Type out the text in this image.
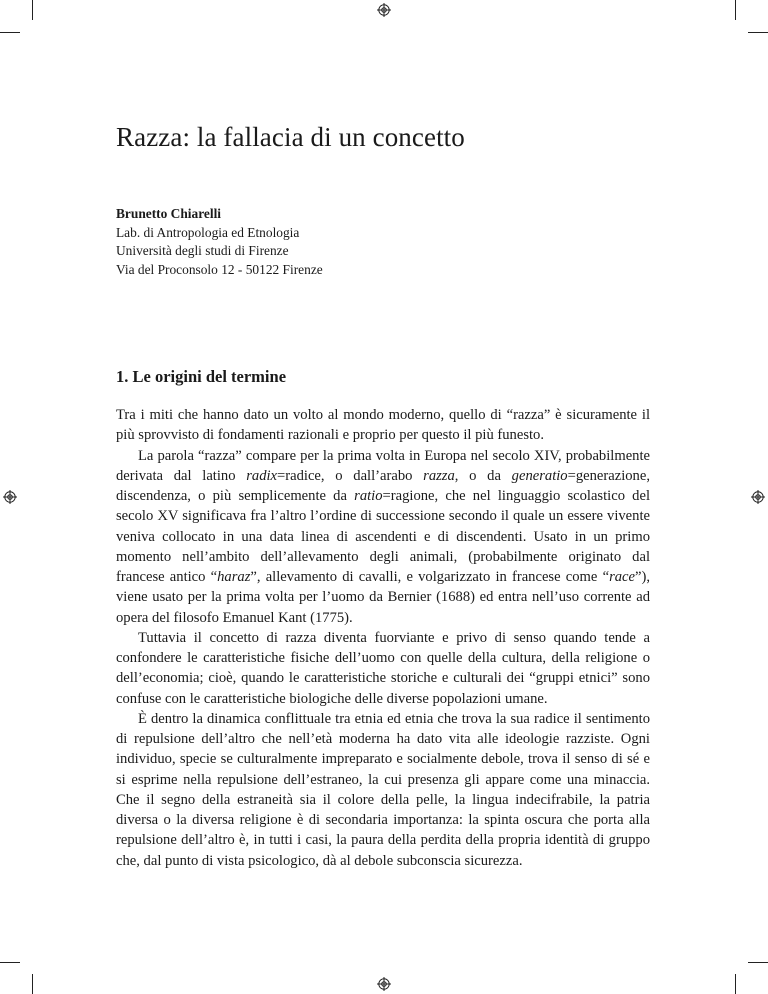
Razza: la fallacia di un concetto
Brunetto Chiarelli
Lab. di Antropologia ed Etnologia
Università degli studi di Firenze
Via del Proconsolo 12 - 50122 Firenze
1. Le origini del termine

Tra i miti che hanno dato un volto al mondo moderno, quello di “razza” è sicuramente il più sprovvisto di fondamenti razionali e proprio per questo il più funesto.

La parola “razza” compare per la prima volta in Europa nel secolo XIV, probabilmente derivata dal latino radix=radice, o dall’arabo razza, o da generatio=generazione, discendenza, o più semplicemente da ratio=ragione, che nel linguaggio scolastico del secolo XV significava fra l’altro l’ordine di successione secondo il quale un essere vivente veniva collocato in una data linea di ascendenti e di discendenti. Usato in un primo momento nell’ambito dell’allevamento degli animali, (probabilmente originato dal francese antico “haraz”, allevamento di cavalli, e volgarizzato in francese come “race”), viene usato per la prima volta per l’uomo da Bernier (1688) ed entra nell’uso corrente ad opera del filosofo Emanuel Kant (1775).

Tuttavia il concetto di razza diventa fuorviante e privo di senso quando tende a confondere le caratteristiche fisiche dell’uomo con quelle della cultura, della religione o dell’economia; cioè, quando le caratteristiche storiche e culturali dei “gruppi etnici” sono confuse con le caratteristiche biologiche delle diverse popolazioni umane.

È dentro la dinamica conflittuale tra etnia ed etnia che trova la sua radice il sentimento di repulsione dell’altro che nell’età moderna ha dato vita alle ideologie razziste. Ogni individuo, specie se culturalmente impreparato e socialmente debole, trova il senso di sé e si esprime nella repulsione dell’estraneo, la cui presenza gli appare come una minaccia. Che il segno della estraneità sia il colore della pelle, la lingua indecifrabile, la patria diversa o la diversa religione è di secondaria importanza: la spinta oscura che porta alla repulsione dell’altro è, in tutti i casi, la paura della perdita della propria identità di gruppo che, dal punto di vista psicologico, dà al debole subconscia sicurezza.
